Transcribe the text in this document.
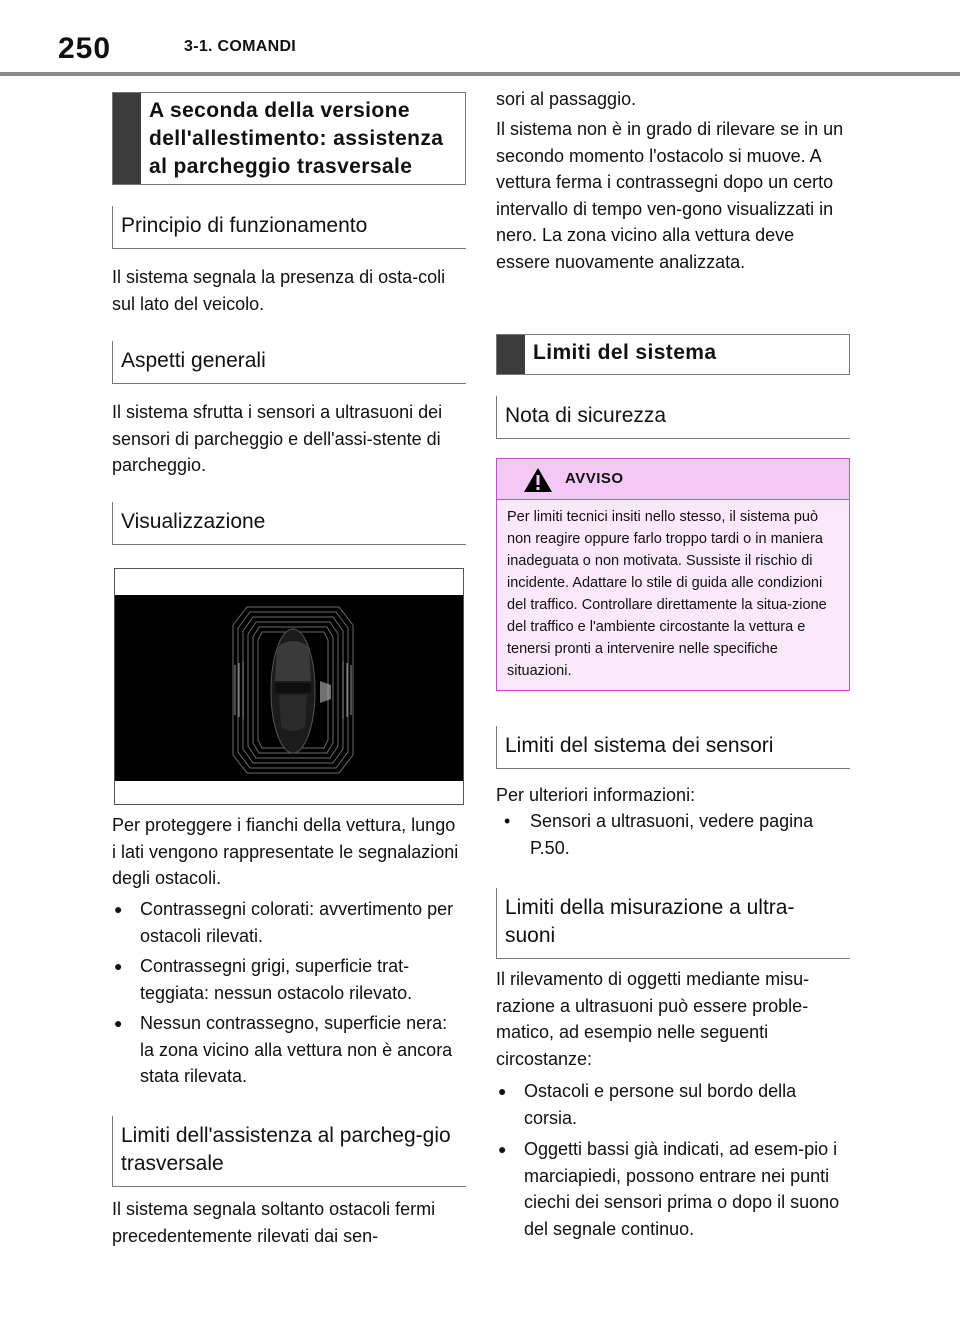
250	3-1. COMANDI
A seconda della versione dell'allestimento: assistenza al parcheggio trasversale
Principio di funzionamento

Il sistema segnala la presenza di osta-coli sul lato del veicolo.

Aspetti generali

Il sistema sfrutta i sensori a ultrasuoni dei sensori di parcheggio e dell'assi-stente di parcheggio.

Visualizzazione

Per proteggere i fianchi della vettura, lungo i lati vengono rappresentate le segnalazioni degli ostacoli.

● Contrassegni colorati: avvertimento per ostacoli rilevati.
● Contrassegni grigi, superficie trat-teggiata: nessun ostacolo rilevato.
● Nessun contrassegno, superficie nera: la zona vicino alla vettura non è ancora stata rilevata.
Limiti dell'assistenza al parcheg-gio trasversale

Il sistema segnala soltanto ostacoli fermi precedentemente rilevati dai sen-

sori al passaggio.

Il sistema non è in grado di rilevare se in un secondo momento l'ostacolo si muove. A vettura ferma i contrassegni dopo un certo intervallo di tempo ven-gono visualizzati in nero. La zona vicino alla vettura deve essere nuovamente analizzata.

Limiti del sistema
Nota di sicurezza
AVVISO
Per limiti tecnici insiti nello stesso, il sistema può non reagire oppure farlo troppo tardi o in maniera inadeguata o non motivata. Sussiste il rischio di incidente. Adattare lo stile di guida alle condizioni del traffico. Controllare direttamente la situa-zione del traffico e l'ambiente circostante la vettura e tenersi pronti a intervenire nelle specifiche situazioni.
Limiti del sistema dei sensori

Per ulteriori informazioni:

•	Sensori a ultrasuoni, vedere pagina P.50.
Limiti della misurazione a ultra-suoni

Il rilevamento di oggetti mediante misu-razione a ultrasuoni può essere proble-matico, ad esempio nelle seguenti circostanze:

● Ostacoli e persone sul bordo della corsia.
● Oggetti bassi già indicati, ad esem-pio i marciapiedi, possono entrare nei punti ciechi dei sensori prima o dopo il suono del segnale continuo.
